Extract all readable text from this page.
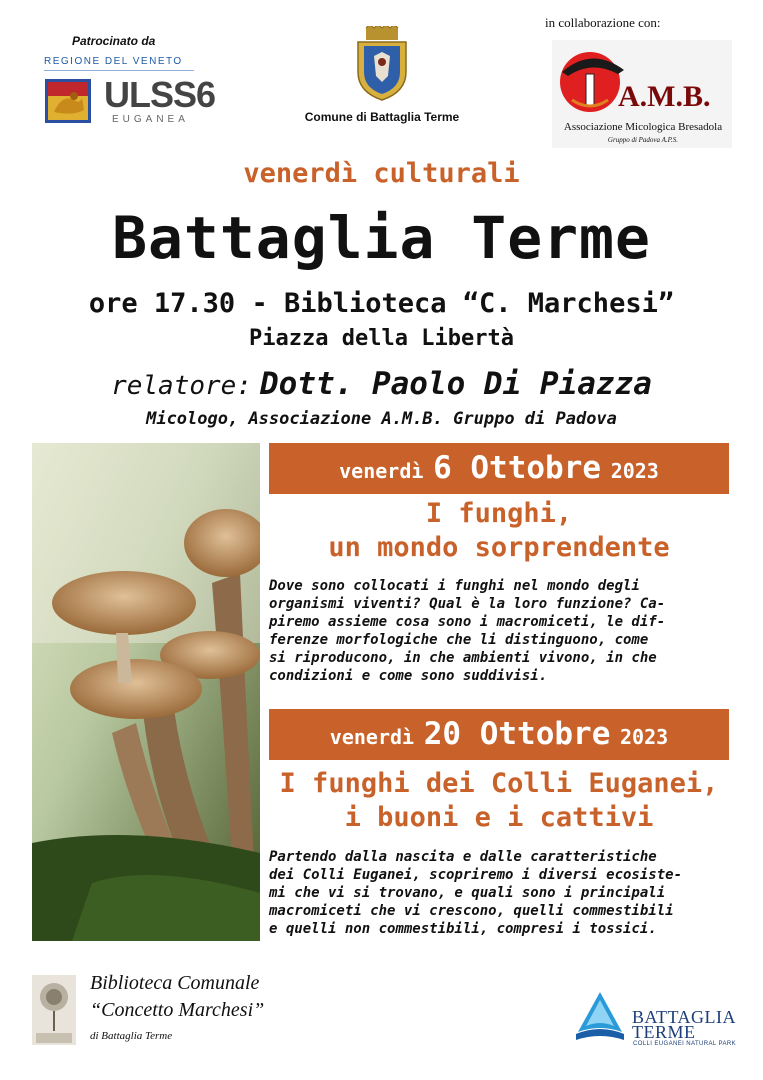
Patrocinato da
REGIONE DEL VENETO
ULSS6
EUGANEA	Comune di Battaglia Terme
in collaborazione con:
A.M.B.
Associazione Micologica Bresadola
Gruppo di Padova A.P.S.
venerdì culturali
Battaglia Terme
ore 17.30 - Biblioteca “C. Marchesi”
Piazza della Libertà
relatore: Dott. Paolo Di Piazza
Micologo, Associazione A.M.B. Gruppo di Padova
venerdì 6 Ottobre 2023
I funghi,
un mondo sorprendente
Dove sono collocati i funghi nel mondo degli
organismi viventi? Qual è la loro funzione? Ca-
piremo assieme cosa sono i macromiceti, le dif-
ferenze morfologiche che li distinguono, come
si riproducono, in che ambienti vivono, in che
condizioni e come sono suddivisi.
venerdì 20 Ottobre 2023
I funghi dei Colli Euganei,
i buoni e i cattivi
Partendo dalla nascita e dalle caratteristiche
dei Colli Euganei, scopriremo i diversi ecosiste-
mi che vi si trovano, e quali sono i principali
macromiceti che vi crescono, quelli commestibili
e quelli non commestibili, compresi i tossici.
Biblioteca Comunale
“Concetto Marchesi”
di Battaglia Terme
BATTAGLIA
TERME
COLLI EUGANEI NATURAL PARK
